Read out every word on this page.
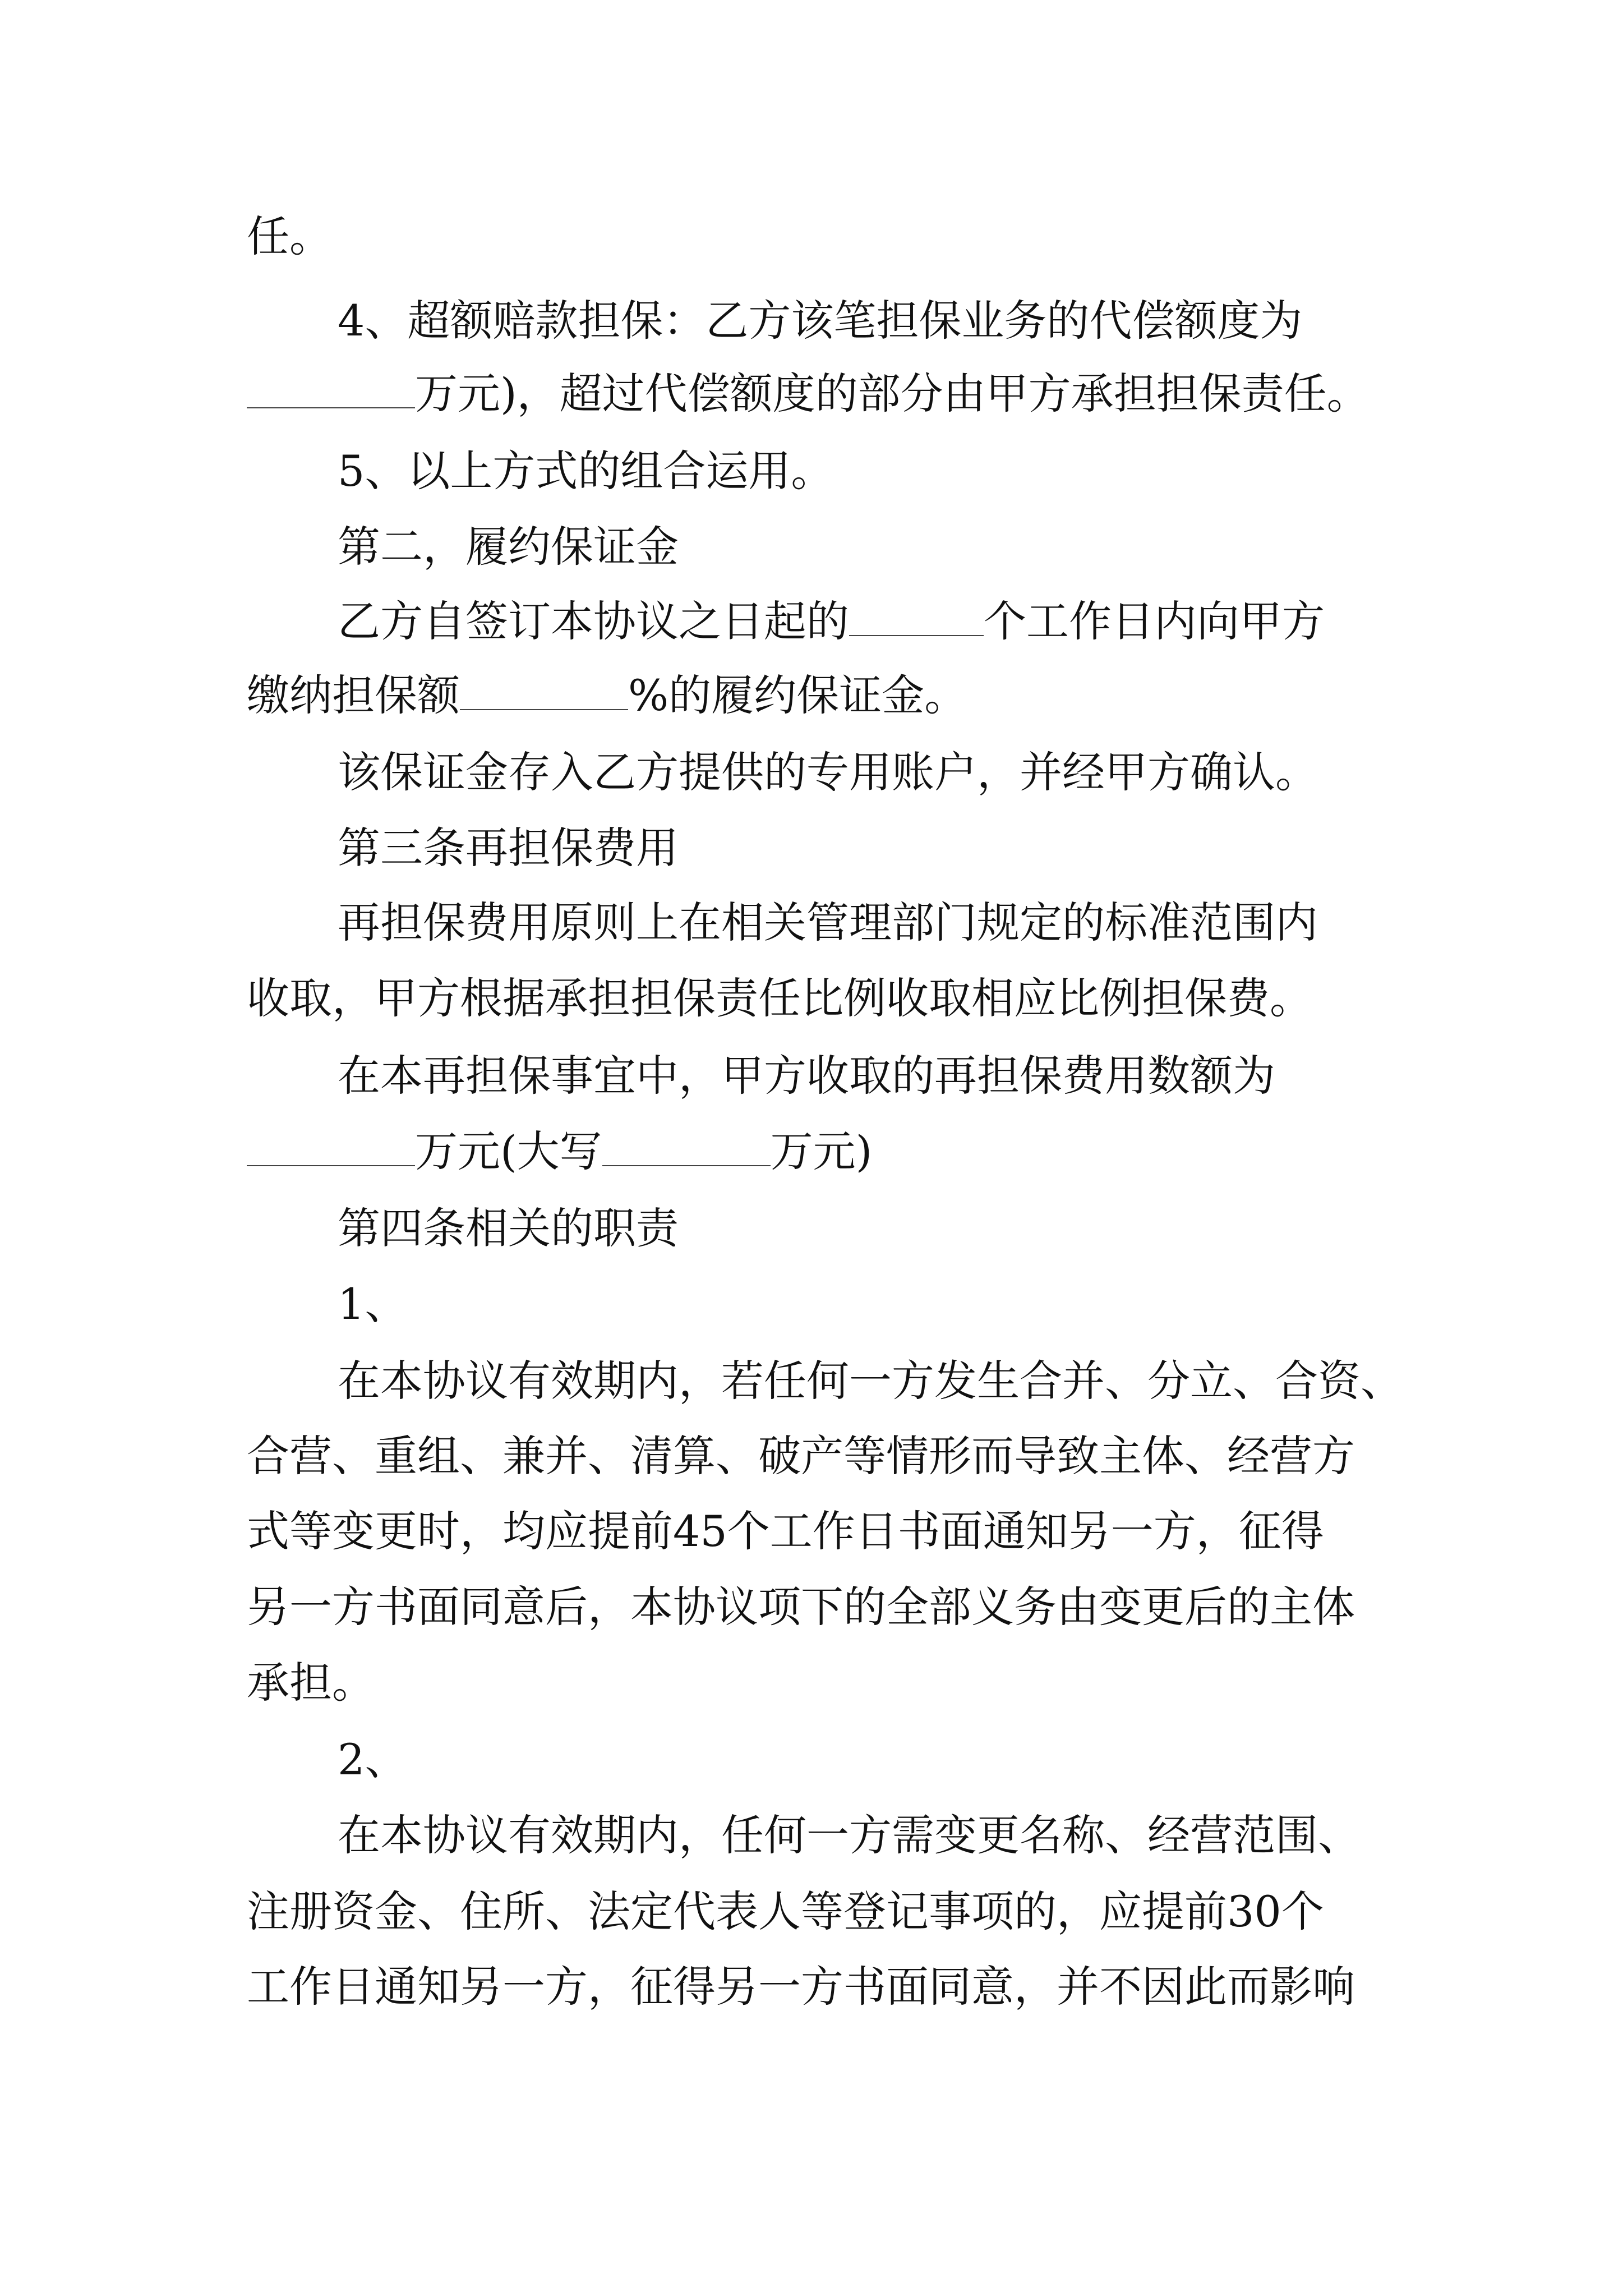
任。
4、超额赔款担保：乙方该笔担保业务的代偿额度为
万元)，超过代偿额度的部分由甲方承担担保责任。
5、以上方式的组合运用。
第二，履约保证金
乙方自签订本协议之日起的	个工作日内向甲方
缴纳担保额	%的履约保证金。
该保证金存入乙方提供的专用账户，并经甲方确认。
第三条再担保费用
再担保费用原则上在相关管理部门规定的标准范围内
收取，甲方根据承担担保责任比例收取相应比例担保费。
在本再担保事宜中，甲方收取的再担保费用数额为
万元(大写	万元)
第四条相关的职责
1、
在本协议有效期内，若任何一方发生合并、分立、合资、
合营、重组、兼并、清算、破产等情形而导致主体、经营方
式等变更时，均应提前45个工作日书面通知另一方，征得
另一方书面同意后，本协议项下的全部义务由变更后的主体
承担。
2、
在本协议有效期内，任何一方需变更名称、经营范围、
注册资金、住所、法定代表人等登记事项的，应提前30个
工作日通知另一方，征得另一方书面同意，并不因此而影响
